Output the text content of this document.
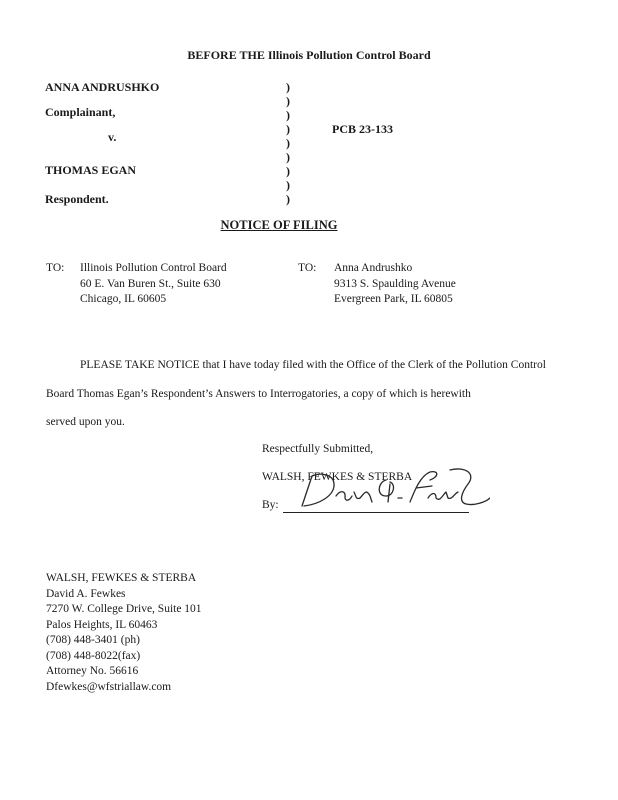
BEFORE THE Illinois Pollution Control Board
ANNA ANDRUSHKO
Complainant,
v.
THOMAS EGAN
Respondent.
)
)
)
)
)
)
)
)
)
PCB 23-133
NOTICE OF FILING
TO: Illinois Pollution Control Board
60 E. Van Buren St., Suite 630
Chicago, IL 60605
TO: Anna Andrushko
9313 S. Spaulding Avenue
Evergreen Park, IL 60805
PLEASE TAKE NOTICE that I have today filed with the Office of the Clerk of the Pollution Control
Board Thomas Egan’s Respondent’s Answers to Interrogatories, a copy of which is herewith
served upon you.
Respectfully Submitted,
WALSH, FEWKES & STERBA
By:
WALSH, FEWKES & STERBA
David A. Fewkes
7270 W. College Drive, Suite 101
Palos Heights, IL 60463
(708) 448-3401 (ph)
(708) 448-8022(fax)
Attorney No. 56616
Dfewkes@wfstriallaw.com
